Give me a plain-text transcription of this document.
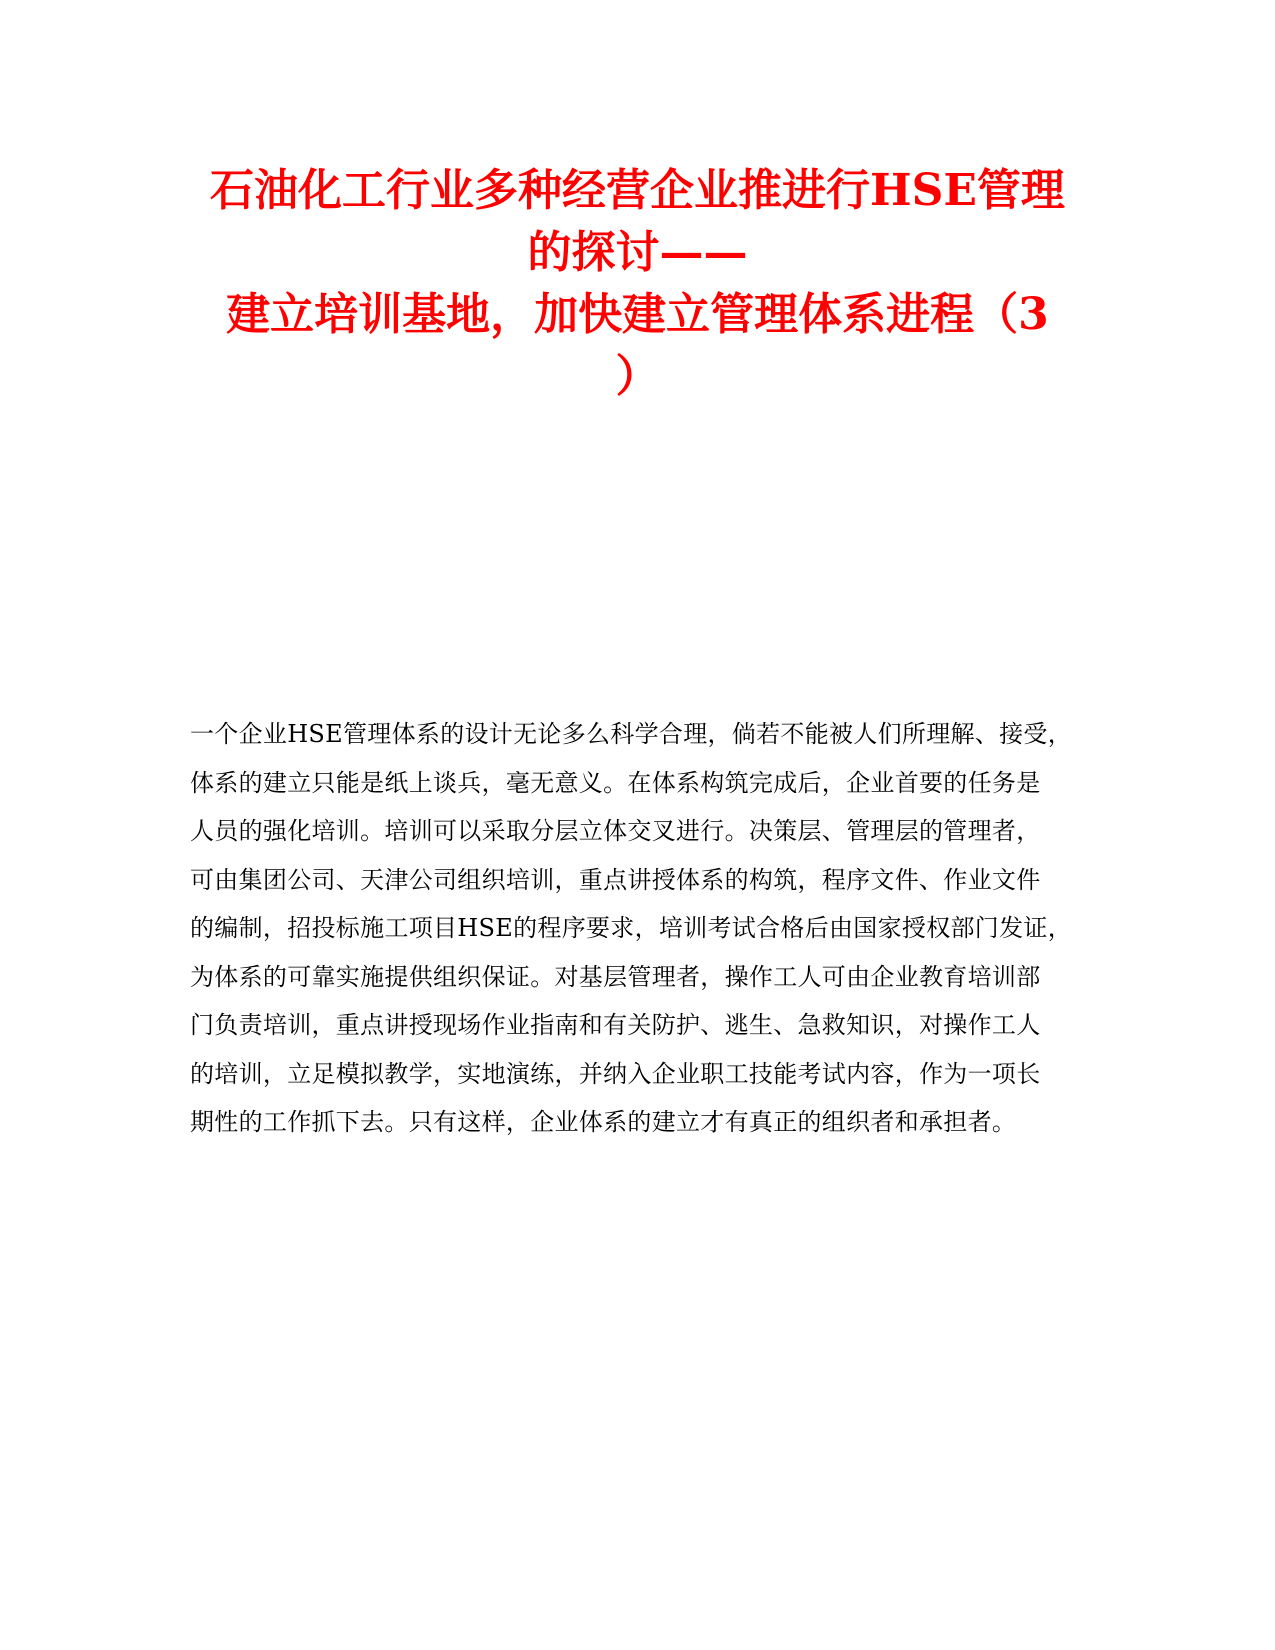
石油化工行业多种经营企业推进行HSE管理
的探讨——
建立培训基地，加快建立管理体系进程（3
）
一个企业HSE管理体系的设计无论多么科学合理，倘若不能被人们所理解、接受，
体系的建立只能是纸上谈兵，毫无意义。在体系构筑完成后，企业首要的任务是
人员的强化培训。培训可以采取分层立体交叉进行。决策层、管理层的管理者，
可由集团公司、天津公司组织培训，重点讲授体系的构筑，程序文件、作业文件
的编制，招投标施工项目HSE的程序要求，培训考试合格后由国家授权部门发证，
为体系的可靠实施提供组织保证。对基层管理者，操作工人可由企业教育培训部
门负责培训，重点讲授现场作业指南和有关防护、逃生、急救知识，对操作工人
的培训，立足模拟教学，实地演练，并纳入企业职工技能考试内容，作为一项长
期性的工作抓下去。只有这样，企业体系的建立才有真正的组织者和承担者。
